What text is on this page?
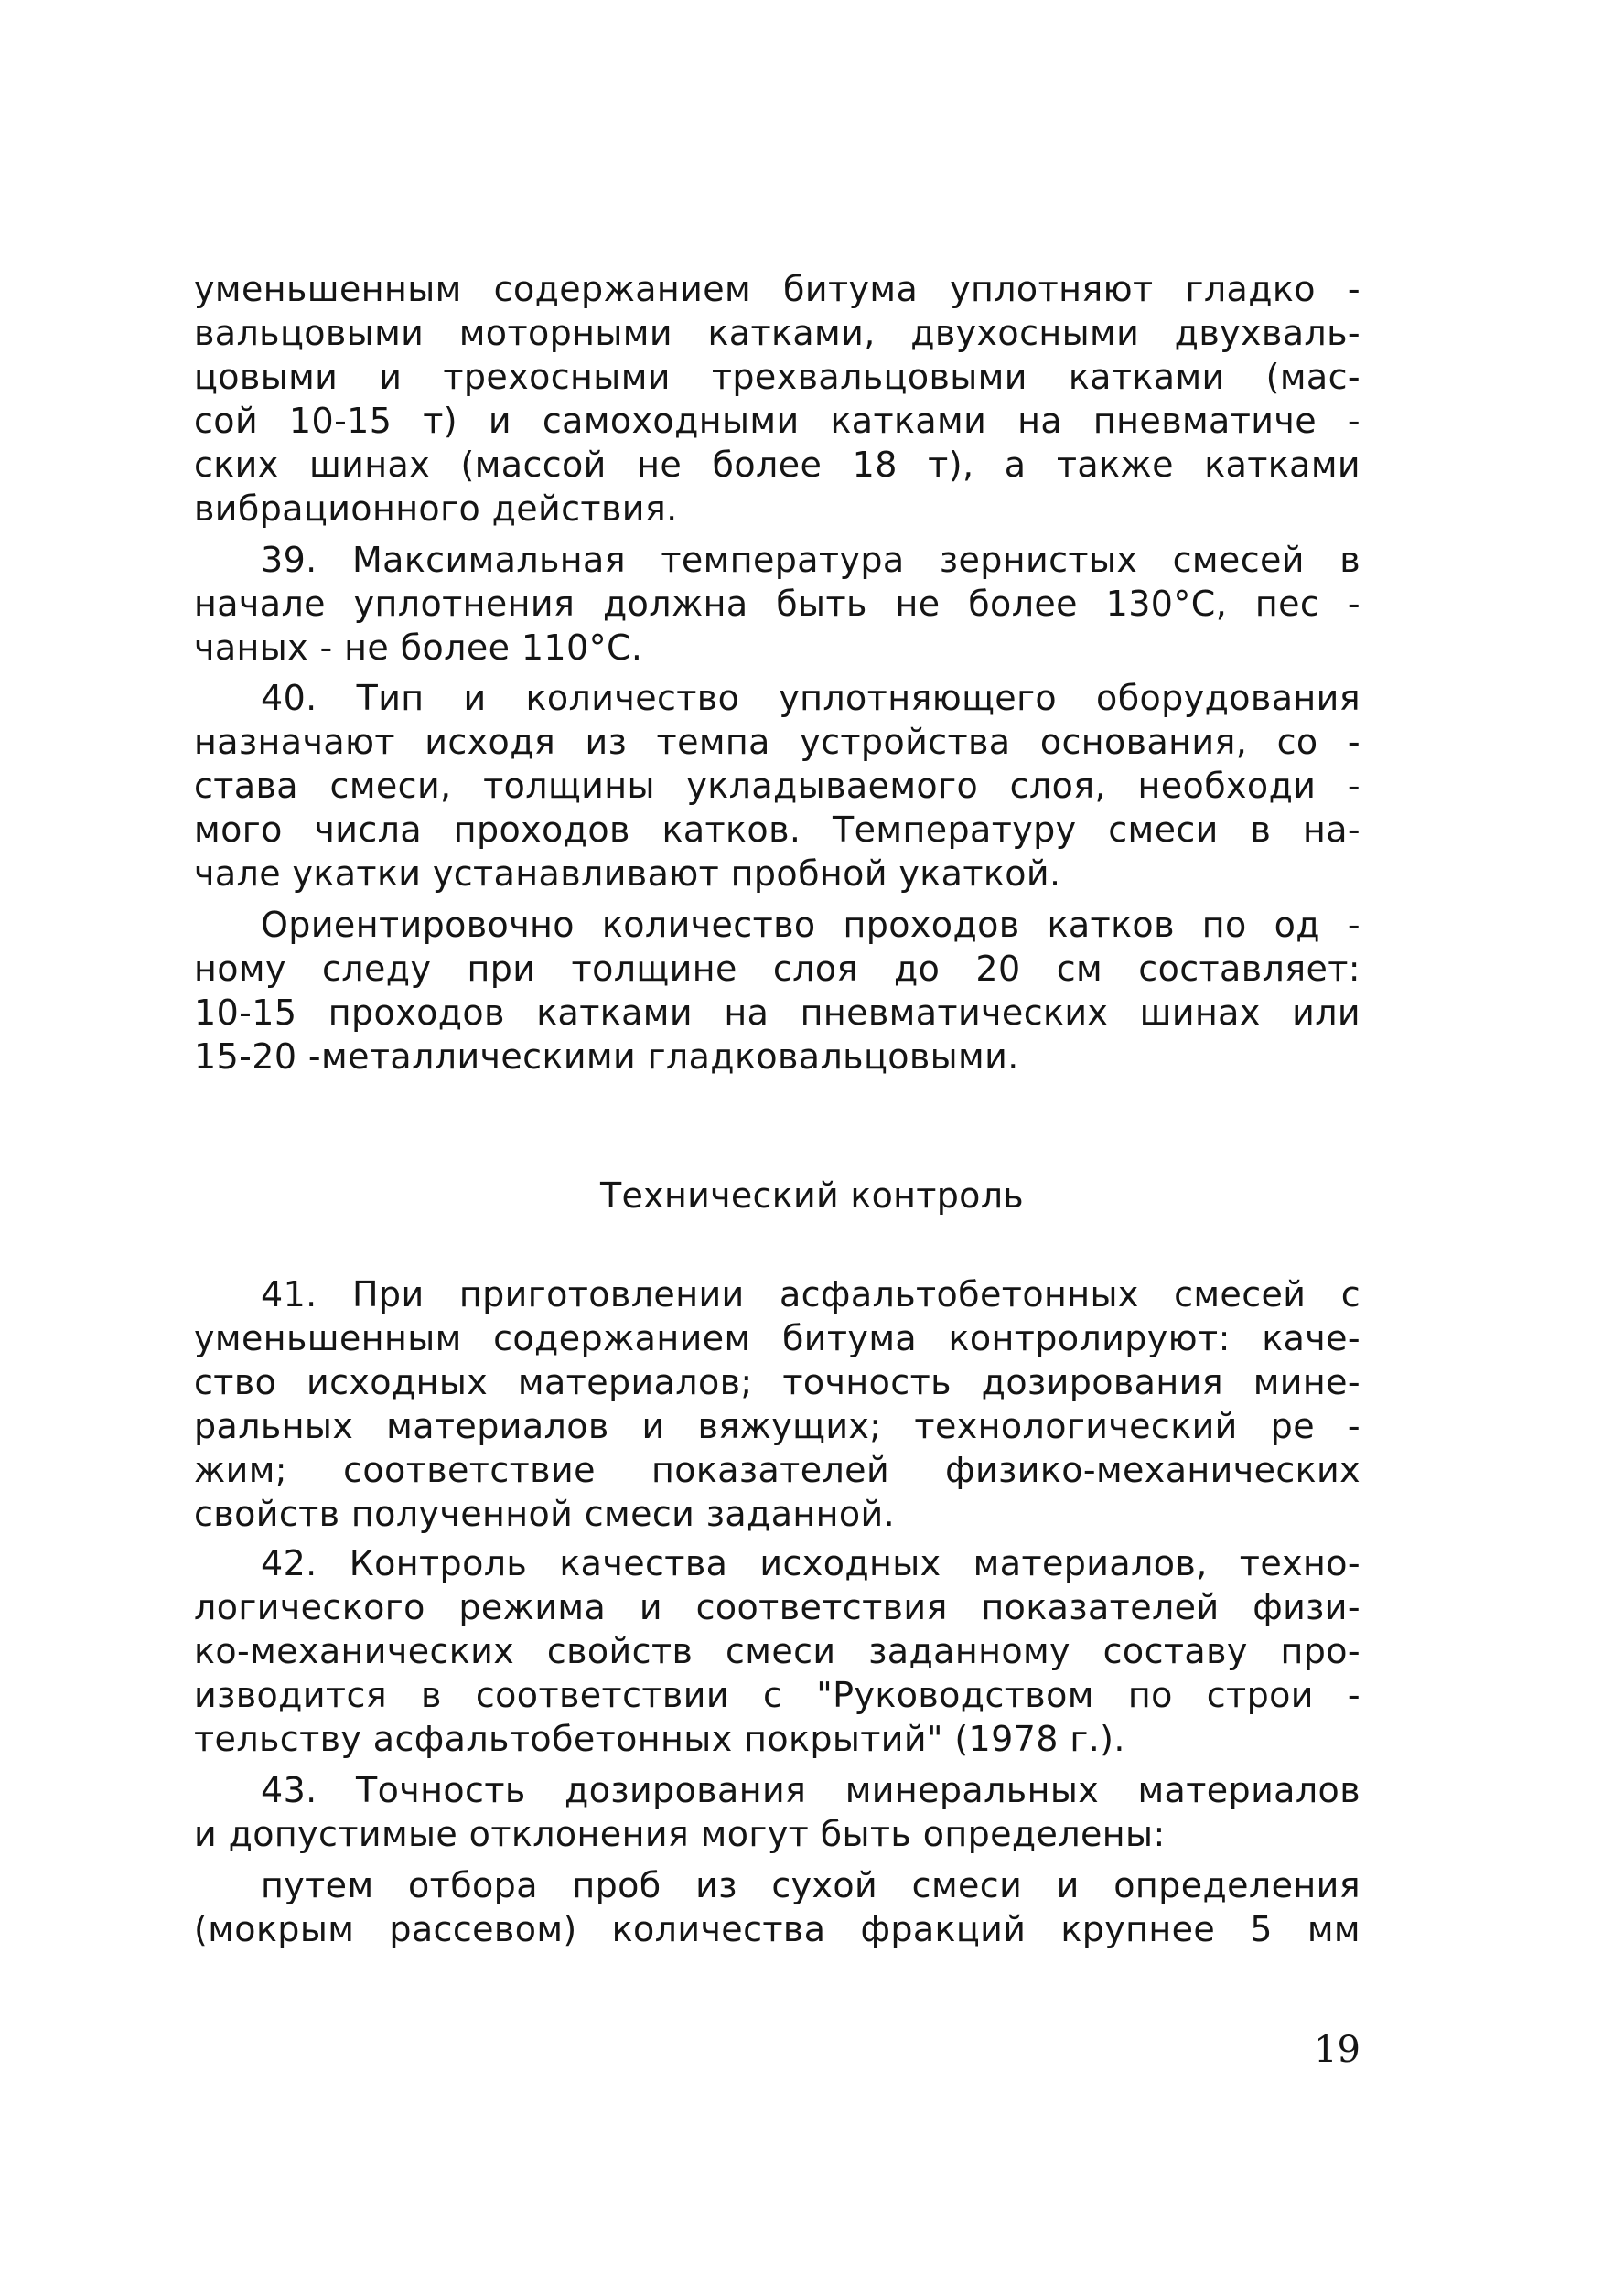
уменьшенным содержанием битума уплотняют гладко -
вальцовыми моторными катками, двухосными двухваль-
цовыми и трехосными трехвальцовыми катками (мас-
сой 10-15 т) и самоходными катками на пневматиче -
ских шинах (массой не более 18 т), а также катками
вибрационного действия.
39. Максимальная температура зернистых смесей в
начале уплотнения должна быть не более 130°С, пес -
чаных - не более 110°С.
40. Тип и количество уплотняющего оборудования
назначают исходя из темпа устройства основания, со -
става смеси, толщины укладываемого слоя, необходи -
мого числа проходов катков. Температуру смеси в на-
чале укатки устанавливают пробной укаткой.
Ориентировочно количество проходов катков по од -
ному следу при толщине слоя до 20 см составляет:
10-15 проходов катками на пневматических шинах или
15-20 -металлическими гладковальцовыми.
Технический контроль
41. При приготовлении асфальтобетонных смесей с
уменьшенным содержанием битума контролируют: каче-
ство исходных материалов; точность дозирования мине-
ральных материалов и вяжущих; технологический ре -
жим; соответствие показателей физико-механических
свойств полученной смеси заданной.
42. Контроль качества исходных материалов, техно-
логического режима и соответствия показателей физи-
ко-механических свойств смеси заданному составу про-
изводится в соответствии с "Руководством по строи -
тельству асфальтобетонных покрытий" (1978 г.).
43. Точность дозирования минеральных материалов
и допустимые отклонения могут быть определены:
путем отбора проб из сухой смеси и определения
(мокрым рассевом) количества фракций крупнее 5 мм
19
